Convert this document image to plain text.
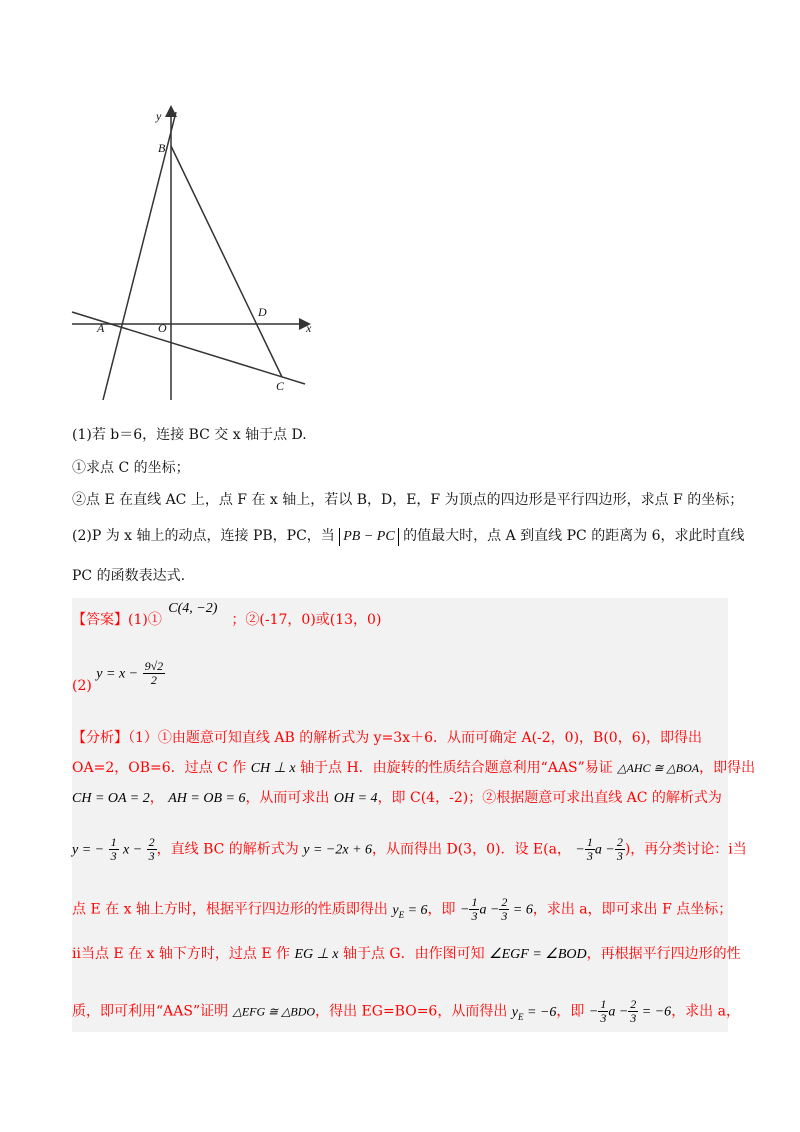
y
x
B
A	O
D
C
(1)若 b＝6，连接 BC 交 x 轴于点 D.
①求点 C 的坐标；
②点 E 在直线 AC 上，点 F 在 x 轴上，若以 B，D，E，F 为顶点的四边形是平行四边形，求点 F 的坐标；
(2)P 为 x 轴上的动点，连接 PB，PC，当 PB − PC 的值最大时，点 A 到直线 PC 的距离为 6，求此时直线
PC 的函数表达式.
【答案】(1)① C(4, −2)；②(-17，0)或(13，0)
(2) $y = x - \frac{9√2}{2}$
【分析】（1）①由题意可知直线 AB 的解析式为 y=3x＋6．从而可确定 A(-2，0)，B(0，6)，即得出
OA=2，OB=6．过点 C 作 CH ⊥ x 轴于点 H．由旋转的性质结合题意利用“AAS”易证 △AHC ≅ △BOA，即得出
CH = OA = 2， AH = OB = 6，从而可求出 OH = 4，即 C(4，-2)；②根据题意可求出直线 AC 的解析式为
y = − $\frac{1}{3}$ $x - \frac{2}{3}$ ，直线 BC 的解析式为 y = −2x + 6，从而得出 D(3，0)．设 E(a， − $\frac{1}{3}$ $a - \frac{2}{3}$ )，再分类讨论：ⅰ当
点 E 在 x 轴上方时，根据平行四边形的性质即得出 $y_E = 6$，即 − $\frac{1}{3}$ $a - \frac{2}{3} = 6$，求出 a，即可求出 F 点坐标；
ⅱ当点 E 在 x 轴下方时，过点 E 作 EG ⊥ x 轴于点 G．由作图可知 ∠EGF = ∠BOD，再根据平行四边形的性
质，即可利用“AAS”证明 △EFG ≅ △BDO，得出 EG=BO=6，从而得出 $y_E = -6$，即 − $\frac{1}{3}$ $a - \frac{2}{3} = -6$，求出 a，
